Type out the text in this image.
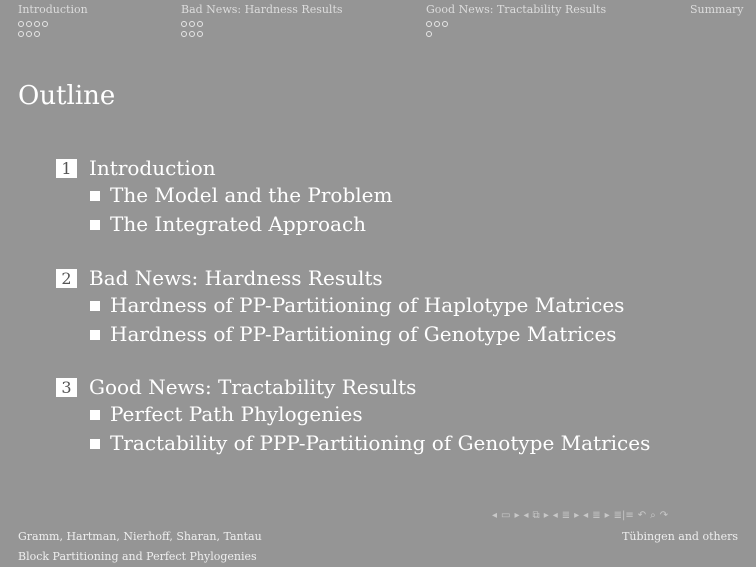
Introduction	Bad News: Hardness Results	Good News: Tractability Results	Summary
Outline
1 Introduction
The Model and the Problem
The Integrated Approach
2 Bad News: Hardness Results
Hardness of PP-Partitioning of Haplotype Matrices
Hardness of PP-Partitioning of Genotype Matrices
3 Good News: Tractability Results
Perfect Path Phylogenies
Tractability of PPP-Partitioning of Genotype Matrices
◂ ▭ ▸ ◂ ⧉ ▸ ◂ ≣ ▸ ◂ ≣ ▸ ≣|≡ ↶ ⌕ ↷
Gramm, Hartman, Nierhoff, Sharan, Tantau
Block Partitioning and Perfect Phylogenies
Tübingen and others
